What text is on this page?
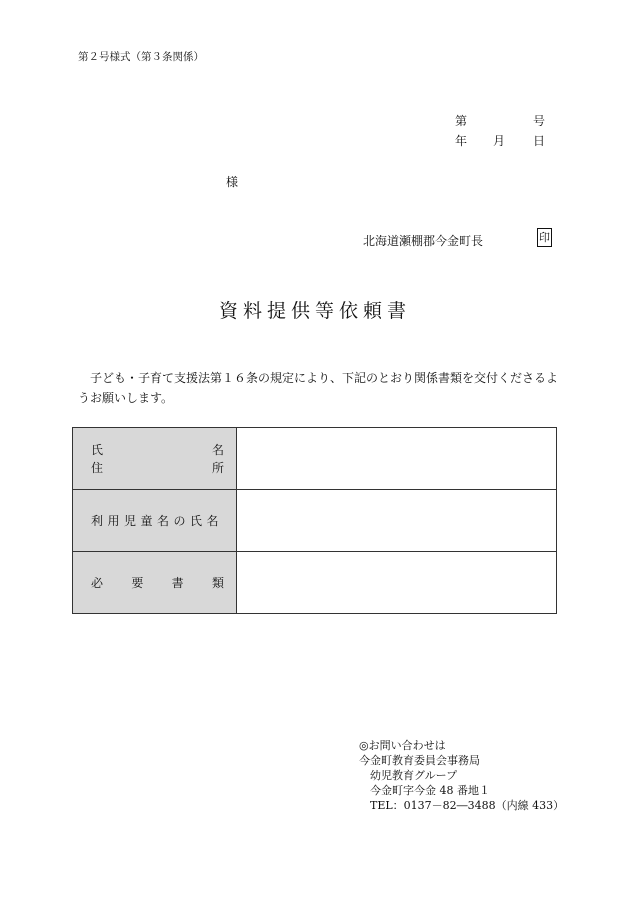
第２号様式（第３条関係）
第	号
年 月 日
様
北海道瀬棚郡今金町長	印
資料提供等依頼書
子ども・子育て支援法第１６条の規定により、下記のとおり関係書類を交付くださるようお願いします。
氏 名
住 所	

利用児童名の氏名	

必 要 書 類	

◎お問い合わせは
今金町教育委員会事務局
　幼児教育グループ
　今金町字今金 48 番地１
　TEL：0137－82―3488（内線 433）
